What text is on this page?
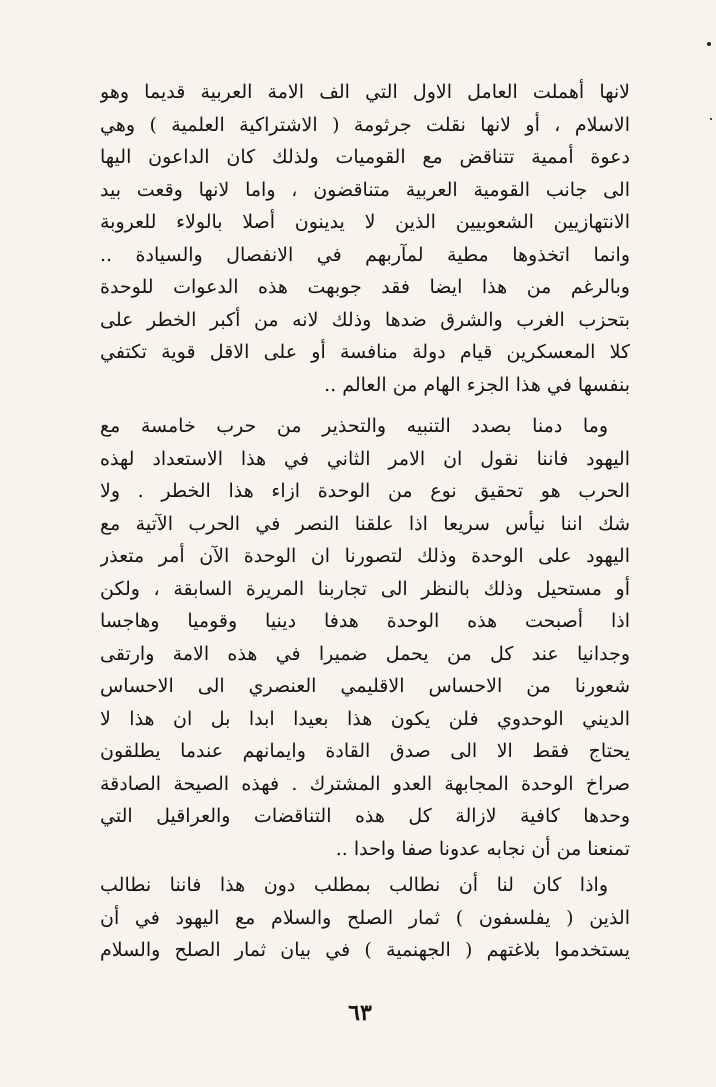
لانها أهملت العامل الاول التي الف الامة العربية قديما وهو
الاسلام ، أو لانها نقلت جرثومة ( الاشتراكية العلمية ) وهي
دعوة أممية تتناقض مع القوميات ولذلك كان الداعون اليها
الى جانب القومية العربية متناقضون ، واما لانها وقعت بيد
الانتهازيين الشعوبيين الذين لا يدينون أصلا بالولاء للعروبة
وانما اتخذوها مطية لمآربهم في الانفصال والسيادة ..
وبالرغم من هذا ايضا فقد جوبهت هذه الدعوات للوحدة
بتحزب الغرب والشرق ضدها وذلك لانه من أكبر الخطر على
كلا المعسكرين قيام دولة منافسة أو على الاقل قوية تكتفي
بنفسها في هذا الجزء الهام من العالم ..
وما دمنا بصدد التنبيه والتحذير من حرب خامسة مع
اليهود فاننا نقول ان الامر الثاني في هذا الاستعداد لهذه
الحرب هو تحقيق نوع من الوحدة ازاء هذا الخطر . ولا
شك اننا نيأس سريعا اذا علقنا النصر في الحرب الآتية مع
اليهود على الوحدة وذلك لتصورنا ان الوحدة الآن أمر متعذر
أو مستحيل وذلك بالنظر الى تجاربنا المريرة السابقة ، ولكن
اذا أصبحت هذه الوحدة هدفا دينيا وقوميا وهاجسا
وجدانيا عند كل من يحمل ضميرا في هذه الامة وارتقى
شعورنا من الاحساس الاقليمي العنصري الى الاحساس
الديني الوحدوي فلن يكون هذا بعيدا ابدا بل ان هذا لا
يحتاج فقط الا الى صدق القادة وايمانهم عندما يطلقون
صراخ الوحدة المجابهة العدو المشترك . فهذه الصيحة الصادقة
وحدها كافية لازالة كل هذه التناقضات والعراقيل التي
تمنعنا من أن نجابه عدونا صفا واحدا ..
واذا كان لنا أن نطالب بمطلب دون هذا فاننا نطالب
الذين ( يفلسفون ) ثمار الصلح والسلام مع اليهود في أن
يستخدموا بلاغتهم ( الجهنمية ) في بيان ثمار الصلح والسلام
٦٣
